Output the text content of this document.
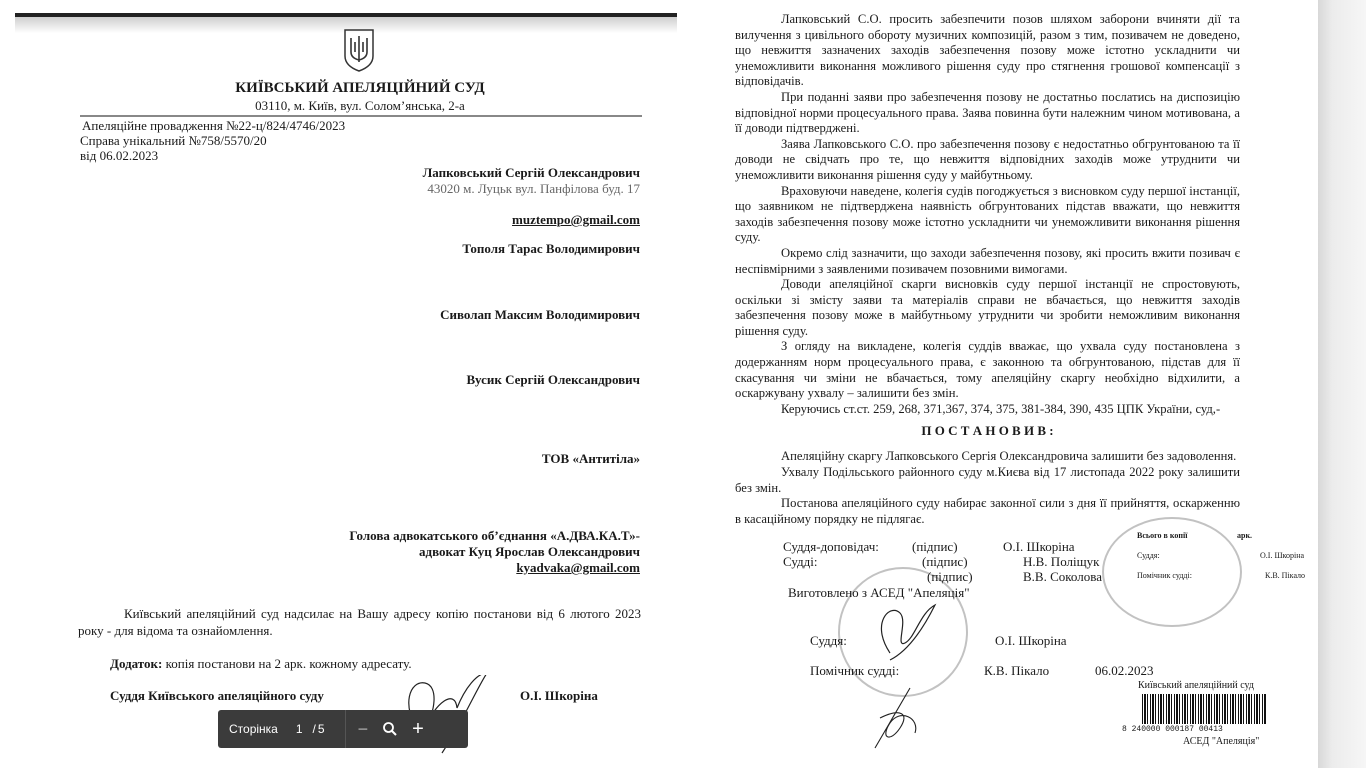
КИЇВСЬКИЙ АПЕЛЯЦІЙНИЙ СУД
03110, м. Київ, вул. Солом’янська, 2-а
Апеляційне провадження №22-ц/824/4746/2023
Справа унікальний №758/5570/20
від 06.02.2023
Лапковський Сергій Олександрович
43020 м. Луцьк вул. Панфілова буд. 17
muztempo@gmail.com
Тополя Тарас Володимирович
Сиволап Максим Володимирович
Вусик Сергій Олександрович
ТОВ «Антитіла»
Голова адвокатського об’єднання «А.ДВА.КА.Т»-
адвокат Куц Ярослав Олександрович
kyadvaka@gmail.com
Київський апеляційний суд надсилає на Вашу адресу копію постанови від 6 лютого 2023 року - для відома та ознайомлення.
Додаток: копія постанови на 2 арк. кожному адресату.
Суддя Київського апеляційного суду	О.І. Шкоріна
Сторінка	1 / 5 − +
Лапковський С.О. просить забезпечити позов шляхом заборони вчиняти дії та вилучення з цивільного обороту музичних композицій, разом з тим, позивачем не доведено, що невжиття зазначених заходів забезпечення позову може істотно ускладнити чи унеможливити виконання можливого рішення суду про стягнення грошової компенсації з відповідачів.
При поданні заяви про забезпечення позову не достатньо послатись на диспозицію відповідної норми процесуального права. Заява повинна бути належним чином мотивована, а її доводи підтверджені.
Заява Лапковського С.О. про забезпечення позову є недостатньо обгрунтованою та її доводи не свідчать про те, що невжиття відповідних заходів може утруднити чи унеможливити виконання рішення суду у майбутньому.
Враховуючи наведене, колегія судів погоджується з висновком суду першої інстанції, що заявником не підтверджена наявність обгрунтованих підстав вважати, що невжиття заходів забезпечення позову може істотно ускладнити чи унеможливити виконання рішення суду.
Окремо слід зазначити, що заходи забезпечення позову, які просить вжити позивач є неспівмірними з заявленими позивачем позовними вимогами.
Доводи апеляційної скарги висновків суду першої інстанції не спростовують, оскільки зі змісту заяви та матеріалів справи не вбачається, що невжиття заходів забезпечення позову може в майбутньому утруднити чи зробити неможливим виконання рішення суду.
З огляду на викладене, колегія суддів вважає, що ухвала суду постановлена з додержанням норм процесуального права, є законною та обгрунтованою, підстав для її скасування чи зміни не вбачається, тому апеляційну скаргу необхідно відхилити, а оскаржувану ухвалу – залишити без змін.
Керуючись ст.ст. 259, 268, 371,367, 374, 375, 381-384, 390, 435 ЦПК України, суд,-
П О С Т А Н О В И В :
Апеляційну скаргу Лапковського Сергія Олександровича залишити без задоволення.
Ухвалу Подільського районного суду м.Києва від 17 листопада 2022 року залишити без змін.
Постанова апеляційного суду набирає законної сили з дня її прийняття, оскарженню в касаційному порядку не підлягає.
Суддя-доповідач:	(підпис)	О.І. Шкоріна
Судді:	(підпис)	Н.В. Поліщук
(підпис)	В.В. Соколова
Виготовлено з АСЕД "Апеляція"
Всього в копії	арк.
Суддя:	О.І. Шкоріна
Помічник судді:	К.В. Пікало
Суддя:	О.І. Шкоріна
Помічник судді:	К.В. Пікало	06.02.2023
Київський апеляційний суд
8 240000 000187 00413
АСЕД "Апеляція"
